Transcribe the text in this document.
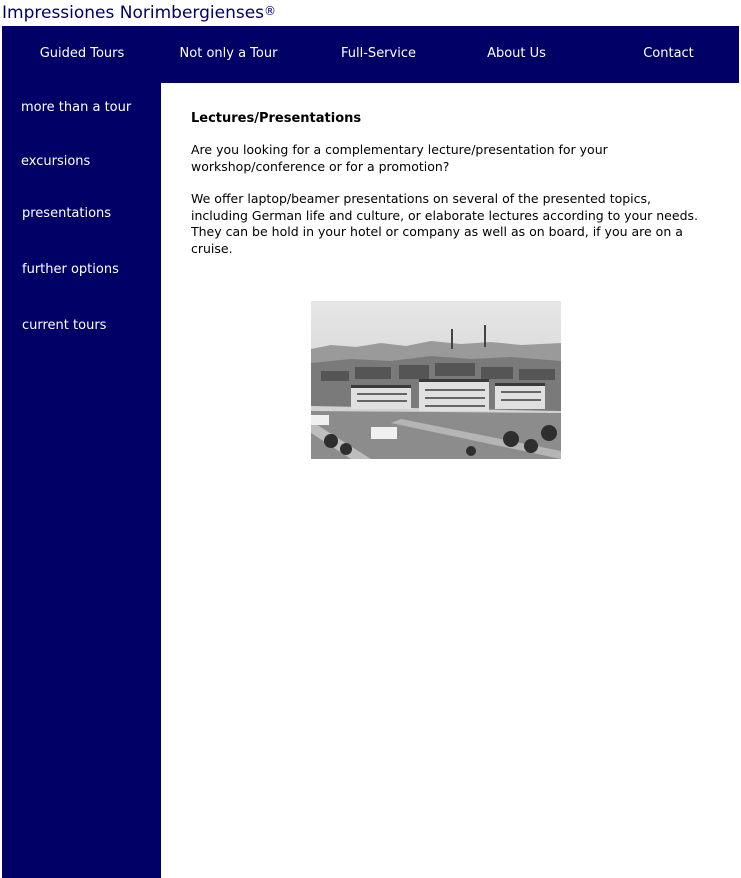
Impressiones Norimbergienses®
Guided Tours	Not only a Tour	Full-Service	About Us	Contact
more than a tour
excursions
presentations
further options
current tours
Lectures/Presentations

Are you looking for a complementary lecture/presentation for your workshop/conference or for a promotion?

We offer laptop/beamer presentations on several of the presented topics, including German life and culture, or elaborate lectures according to your needs. They can be hold in your hotel or company as well as on board, if you are on a cruise.
